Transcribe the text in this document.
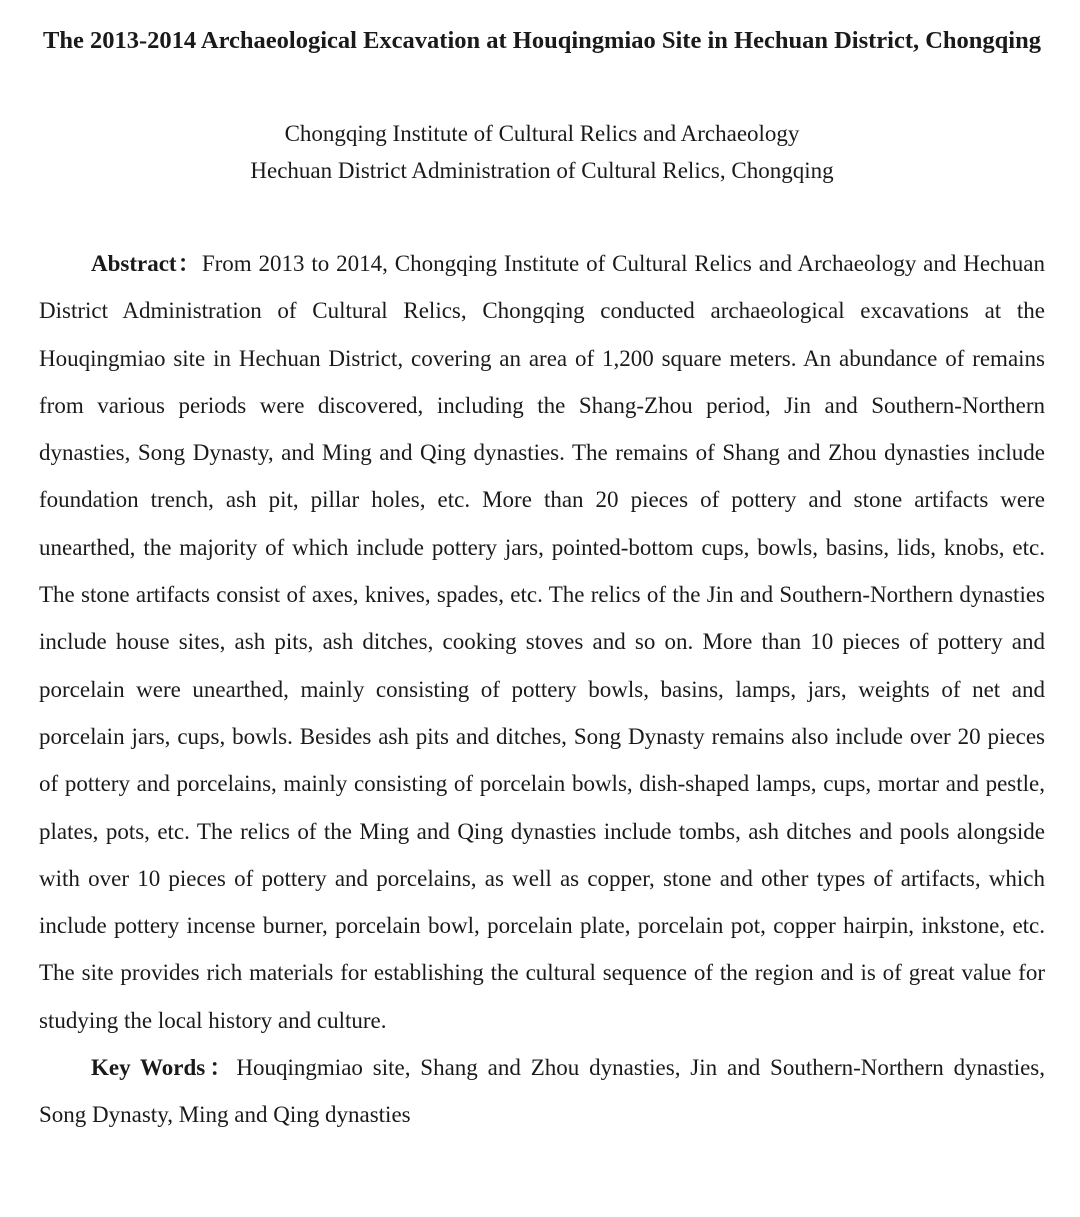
The 2013-2014 Archaeological Excavation at Houqingmiao Site in Hechuan District, Chongqing
Chongqing Institute of Cultural Relics and Archaeology
Hechuan District Administration of Cultural Relics, Chongqing

Abstract：From 2013 to 2014, Chongqing Institute of Cultural Relics and Archaeology and Hechuan District Administration of Cultural Relics, Chongqing conducted archaeological excavations at the Houqingmiao site in Hechuan District, covering an area of 1,200 square meters. An abundance of remains from various periods were discovered, including the Shang-Zhou period, Jin and Southern-Northern dynasties, Song Dynasty, and Ming and Qing dynasties. The remains of Shang and Zhou dynasties include foundation trench, ash pit, pillar holes, etc. More than 20 pieces of pottery and stone artifacts were unearthed, the majority of which include pottery jars, pointed-bottom cups, bowls, basins, lids, knobs, etc. The stone artifacts consist of axes, knives, spades, etc. The relics of the Jin and Southern-Northern dynasties include house sites, ash pits, ash ditches, cooking stoves and so on. More than 10 pieces of pottery and porcelain were unearthed, mainly consisting of pottery bowls, basins, lamps, jars, weights of net and porcelain jars, cups, bowls. Besides ash pits and ditches, Song Dynasty remains also include over 20 pieces of pottery and porcelains, mainly consisting of porcelain bowls, dish-shaped lamps, cups, mortar and pestle, plates, pots, etc. The relics of the Ming and Qing dynasties include tombs, ash ditches and pools alongside with over 10 pieces of pottery and porcelains, as well as copper, stone and other types of artifacts, which include pottery incense burner, porcelain bowl, porcelain plate, porcelain pot, copper hairpin, inkstone, etc. The site provides rich materials for establishing the cultural sequence of the region and is of great value for studying the local history and culture.

Key Words：Houqingmiao site, Shang and Zhou dynasties, Jin and Southern-Northern dynasties, Song Dynasty, Ming and Qing dynasties
